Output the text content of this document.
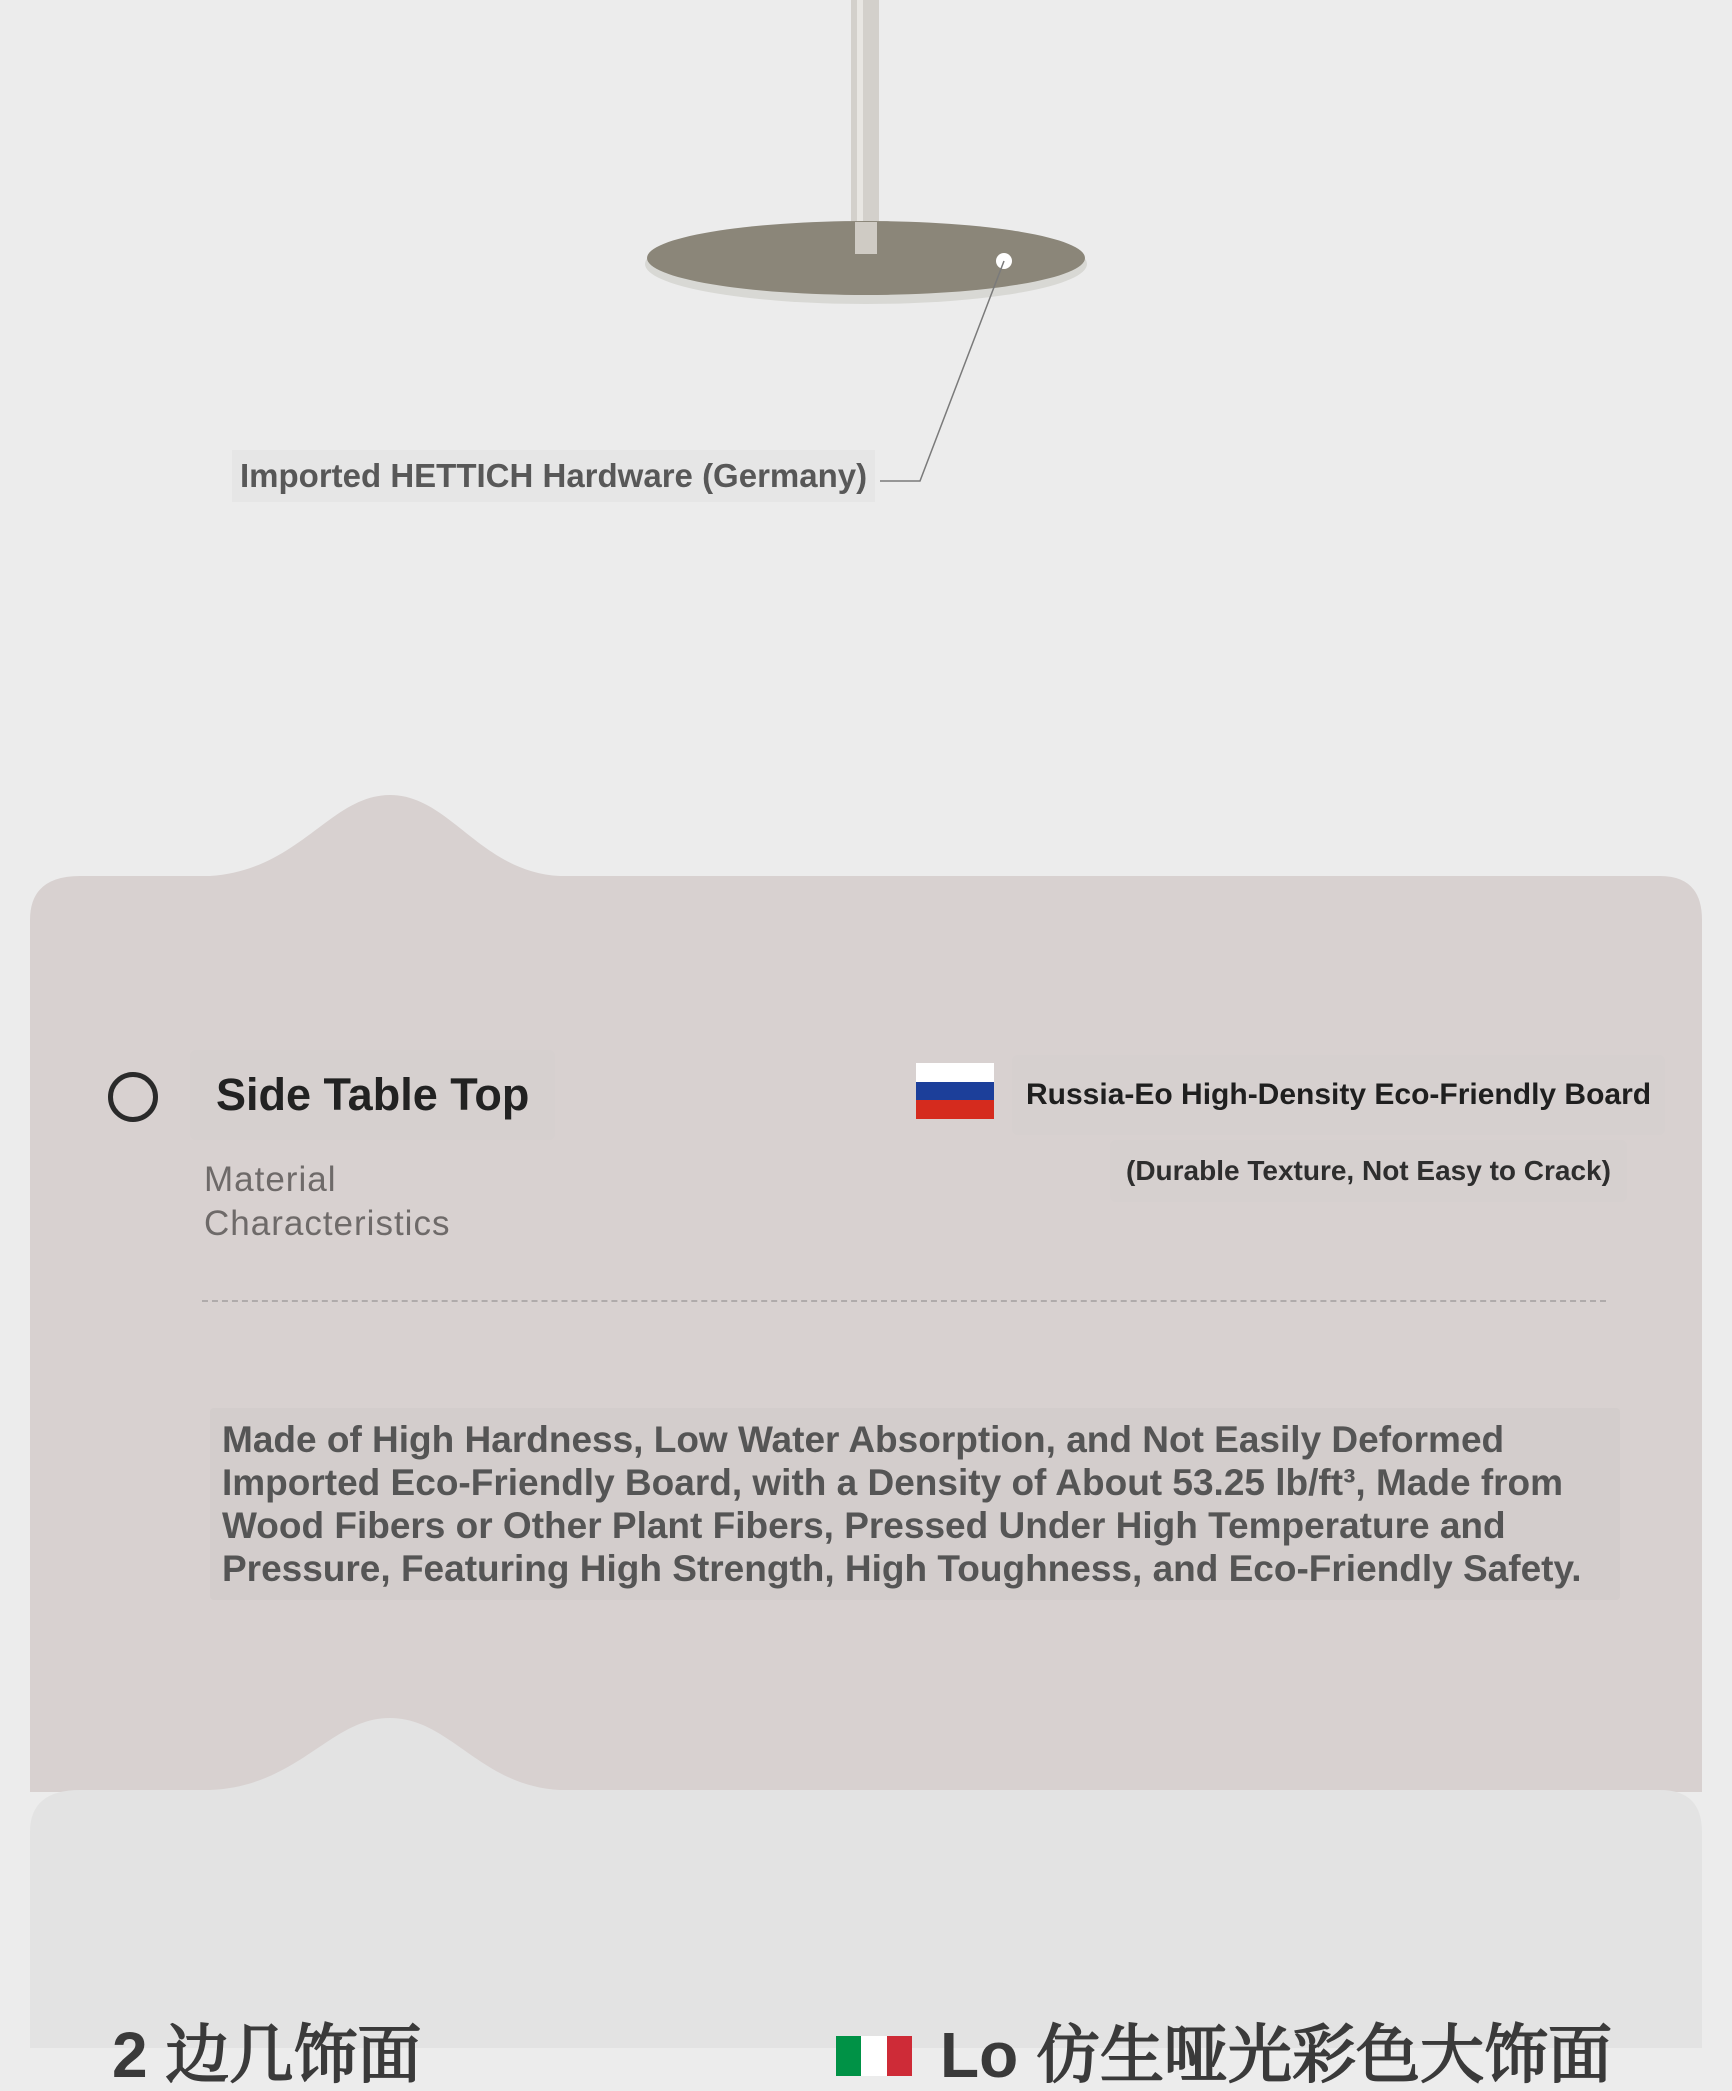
Imported HETTICH Hardware (Germany)
Side Table Top
Material
Characteristics
Russia-Eo High-Density Eco-Friendly Board
(Durable Texture, Not Easy to Crack)
Made of High Hardness, Low Water Absorption, and Not Easily Deformed Imported Eco-Friendly Board, with a Density of About 53.25 lb/ft³, Made from Wood Fibers or Other Plant Fibers, Pressed Under High Temperature and Pressure, Featuring High Strength, High Toughness, and Eco-Friendly Safety.
2 边几饰面	Lo 仿生哑光彩色大饰面
